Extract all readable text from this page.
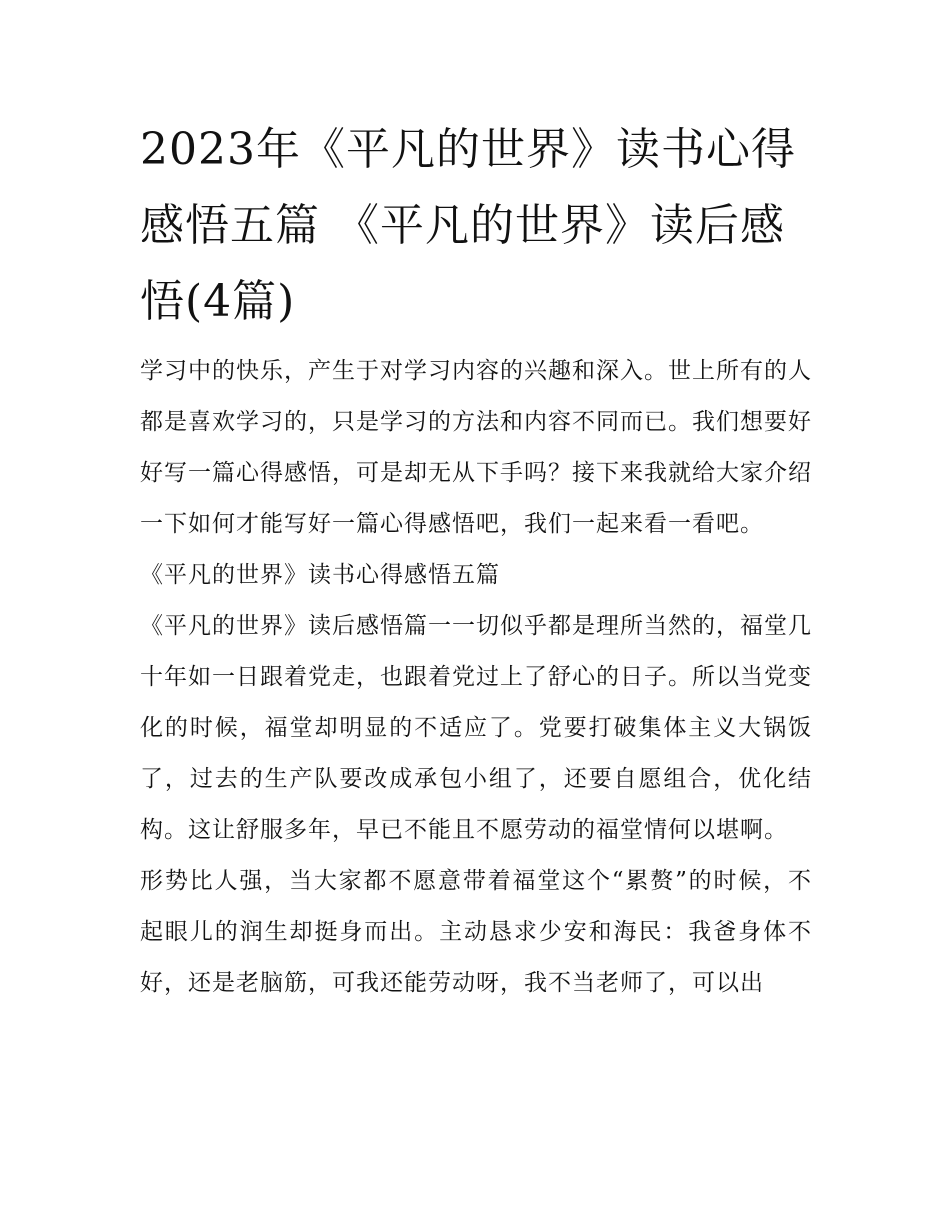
2023年《平凡的世界》读书心得感悟五篇 《平凡的世界》读后感悟(4篇)

学习中的快乐，产生于对学习内容的兴趣和深入。世上所有的人都是喜欢学习的，只是学习的方法和内容不同而已。我们想要好好写一篇心得感悟，可是却无从下手吗？接下来我就给大家介绍一下如何才能写好一篇心得感悟吧，我们一起来看一看吧。

《平凡的世界》读书心得感悟五篇

《平凡的世界》读后感悟篇一一切似乎都是理所当然的，福堂几十年如一日跟着党走，也跟着党过上了舒心的日子。所以当党变化的时候，福堂却明显的不适应了。党要打破集体主义大锅饭了，过去的生产队要改成承包小组了，还要自愿组合，优化结构。这让舒服多年，早已不能且不愿劳动的福堂情何以堪啊。

形势比人强，当大家都不愿意带着福堂这个“累赘”的时候，不起眼儿的润生却挺身而出。主动恳求少安和海民：我爸身体不好，还是老脑筋，可我还能劳动呀，我不当老师了，可以出
